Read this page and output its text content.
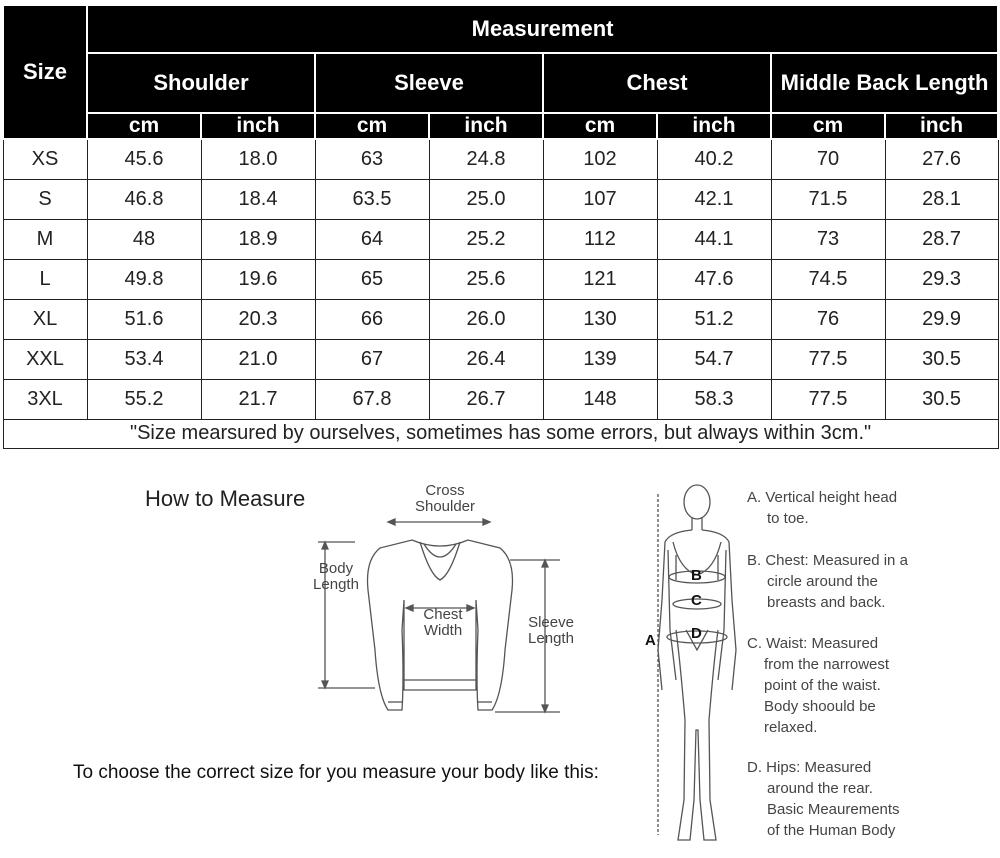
Size	Measurement							
	Shoulder		Sleeve		Chest		Middle Back Length	
	cm	inch	cm	inch	cm	inch	cm	inch
XS	45.6	18.0	63	24.8	102	40.2	70	27.6
S	46.8	18.4	63.5	25.0	107	42.1	71.5	28.1
M	48	18.9	64	25.2	112	44.1	73	28.7
L	49.8	19.6	65	25.6	121	47.6	74.5	29.3
XL	51.6	20.3	66	26.0	130	51.2	76	29.9
XXL	53.4	21.0	67	26.4	139	54.7	77.5	30.5
3XL	55.2	21.7	67.8	26.7	148	58.3	77.5	30.5
"Size mearsured by ourselves, sometimes has some errors, but always within 3cm."								
How to Measure	Cross Shoulder
Body Length
Chest Width	Sleeve Length
To choose the correct size for you measure your body like this:
A
B
C
D
A. Vertical height head
to toe.
B. Chest: Measured in a
circle around the
breasts and back.
C. Waist: Measured
from the narrowest
point of the waist.
Body shoould be
relaxed.
D. Hips: Measured
around the rear.
Basic Meaurements
of the Human Body
